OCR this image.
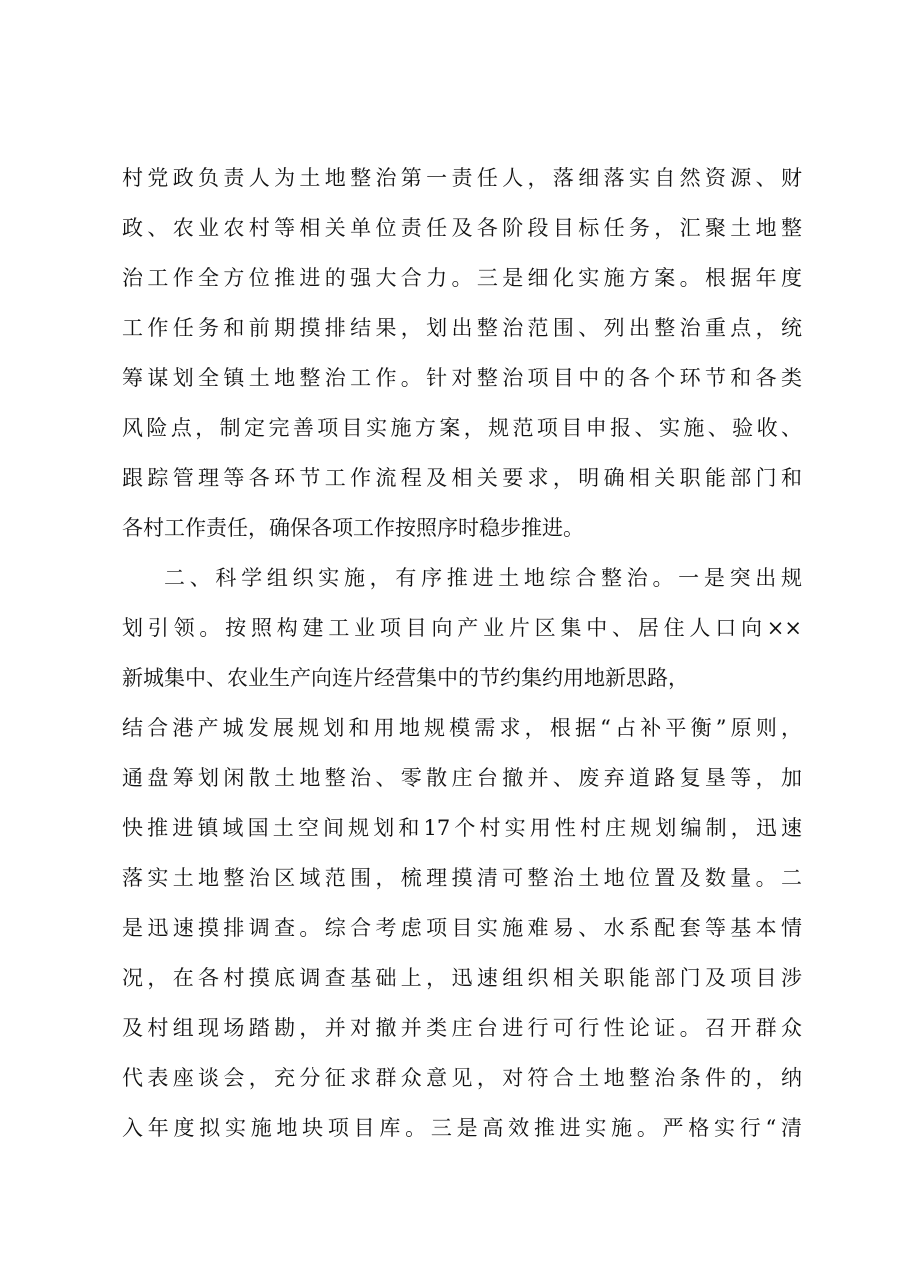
村党政负责人为土地整治第一责任人，落细落实自然资源、财
政、农业农村等相关单位责任及各阶段目标任务，汇聚土地整
治工作全方位推进的强大合力。三是细化实施方案。根据年度
工作任务和前期摸排结果，划出整治范围、列出整治重点，统
筹谋划全镇土地整治工作。针对整治项目中的各个环节和各类
风险点，制定完善项目实施方案，规范项目申报、实施、验收、
跟踪管理等各环节工作流程及相关要求，明确相关职能部门和
各村工作责任，确保各项工作按照序时稳步推进。
二、科学组织实施，有序推进土地综合整治。一是突出规
划引领。按照构建工业项目向产业片区集中、居住人口向××
新城集中、农业生产向连片经营集中的节约集约用地新思路，
结合港产城发展规划和用地规模需求，根据“占补平衡”原则，
通盘筹划闲散土地整治、零散庄台撤并、废弃道路复垦等，加
快推进镇域国土空间规划和17个村实用性村庄规划编制，迅速
落实土地整治区域范围，梳理摸清可整治土地位置及数量。二
是迅速摸排调查。综合考虑项目实施难易、水系配套等基本情
况，在各村摸底调查基础上，迅速组织相关职能部门及项目涉
及村组现场踏勘，并对撤并类庄台进行可行性论证。召开群众
代表座谈会，充分征求群众意见，对符合土地整治条件的，纳
入年度拟实施地块项目库。三是高效推进实施。严格实行“清
